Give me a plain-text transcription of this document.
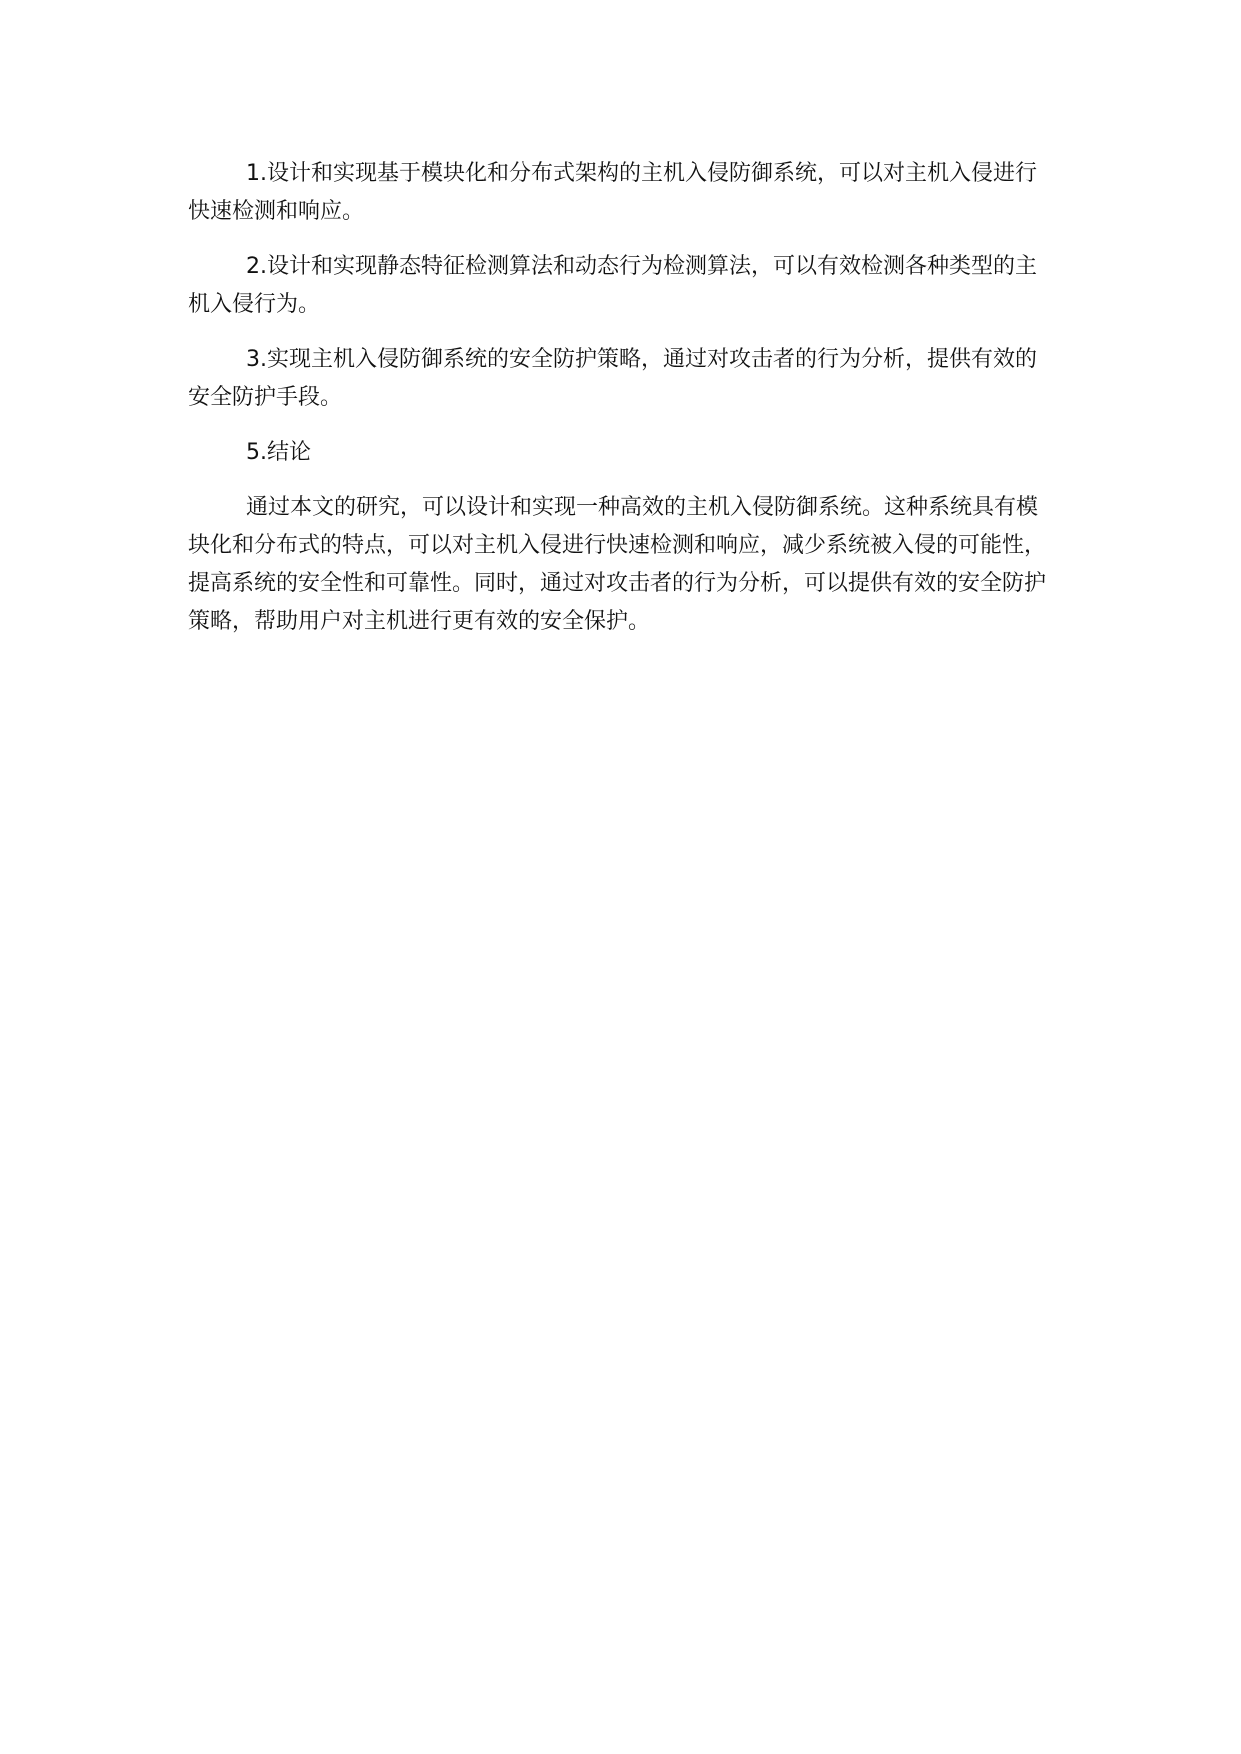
1.设计和实现基于模块化和分布式架构的主机入侵防御系统，可以对主机入侵进行快速检测和响应。

2.设计和实现静态特征检测算法和动态行为检测算法，可以有效检测各种类型的主机入侵行为。

3.实现主机入侵防御系统的安全防护策略，通过对攻击者的行为分析，提供有效的安全防护手段。

5.结论

通过本文的研究，可以设计和实现一种高效的主机入侵防御系统。这种系统具有模块化和分布式的特点，可以对主机入侵进行快速检测和响应，减少系统被入侵的可能性，提高系统的安全性和可靠性。同时，通过对攻击者的行为分析，可以提供有效的安全防护策略，帮助用户对主机进行更有效的安全保护。
